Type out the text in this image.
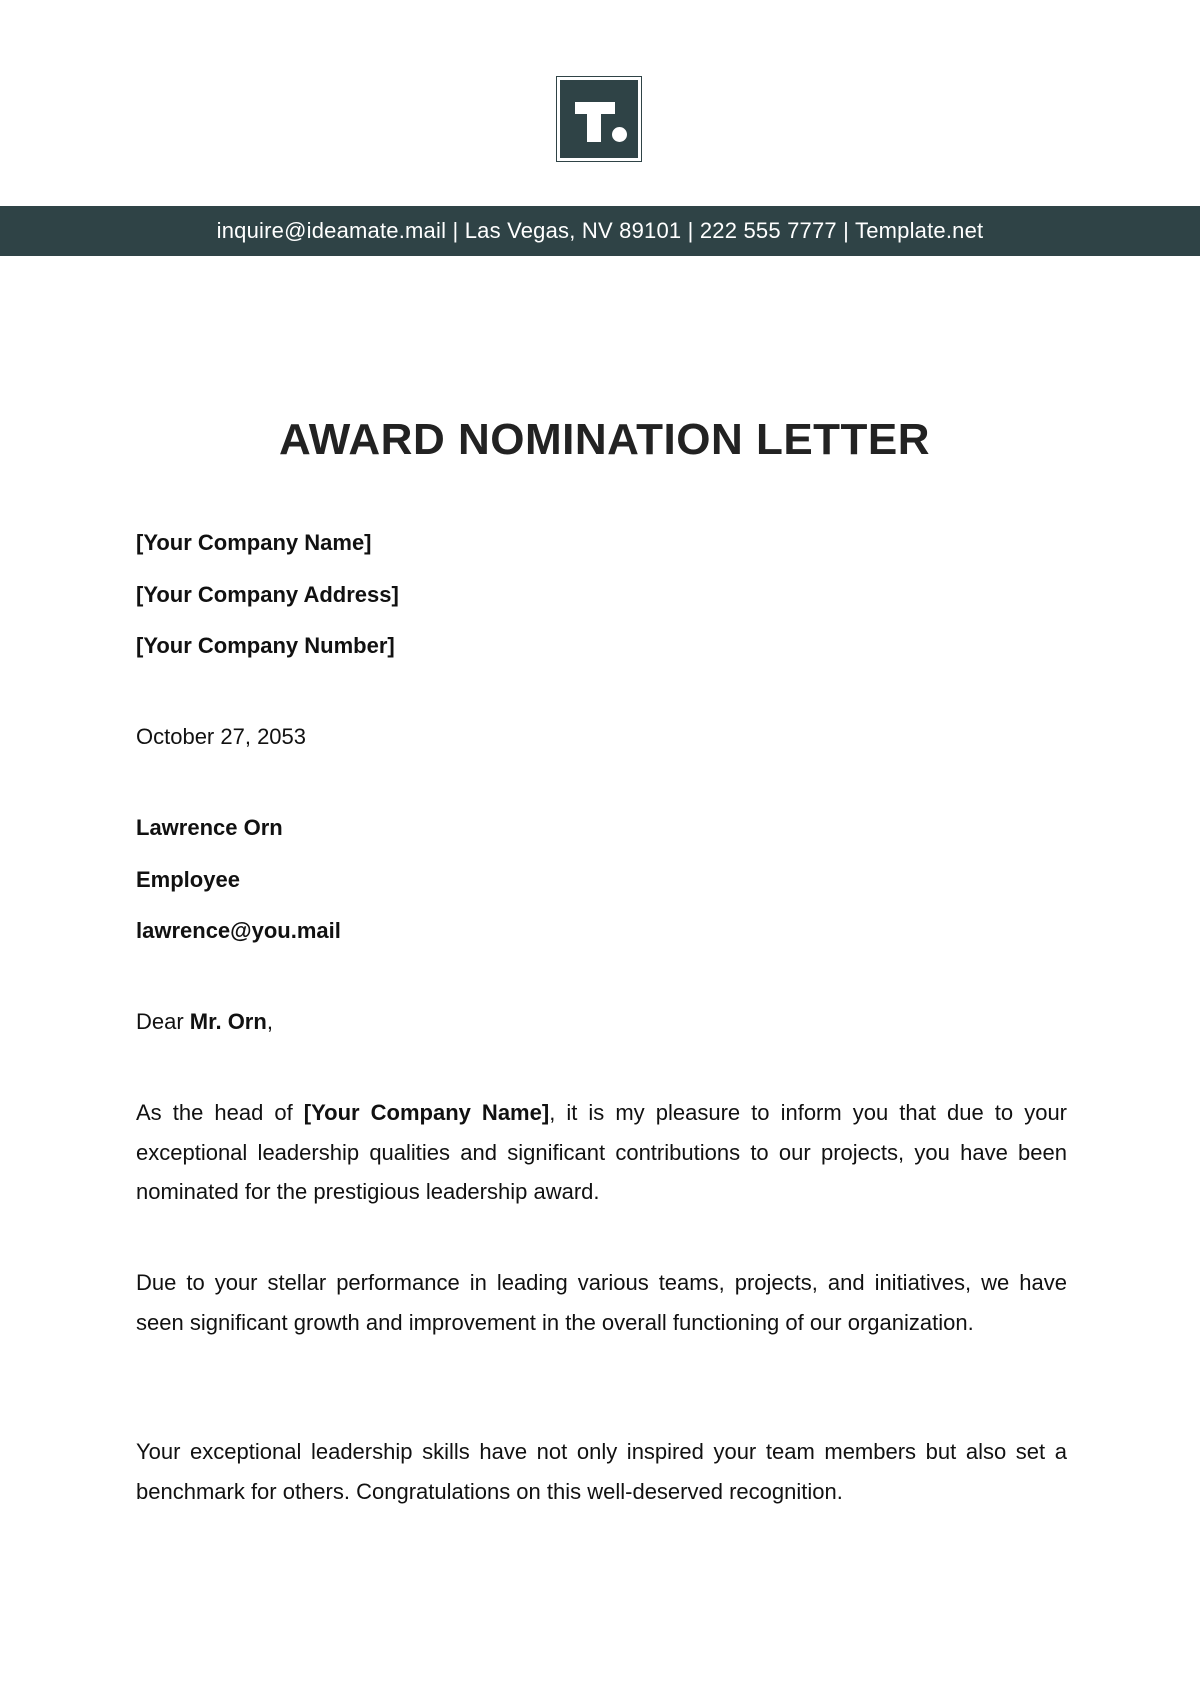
inquire@ideamate.mail | Las Vegas, NV 89101 | 222 555 7777 | Template.net
AWARD NOMINATION LETTER
[Your Company Name]
[Your Company Address]
[Your Company Number]
October 27, 2053
Lawrence Orn
Employee
lawrence@you.mail
Dear Mr. Orn,
As the head of [Your Company Name], it is my pleasure to inform you that due to your exceptional leadership qualities and significant contributions to our projects, you have been nominated for the prestigious leadership award.
Due to your stellar performance in leading various teams, projects, and initiatives, we have seen significant growth and improvement in the overall functioning of our organization.
Your exceptional leadership skills have not only inspired your team members but also set a benchmark for others. Congratulations on this well-deserved recognition.
